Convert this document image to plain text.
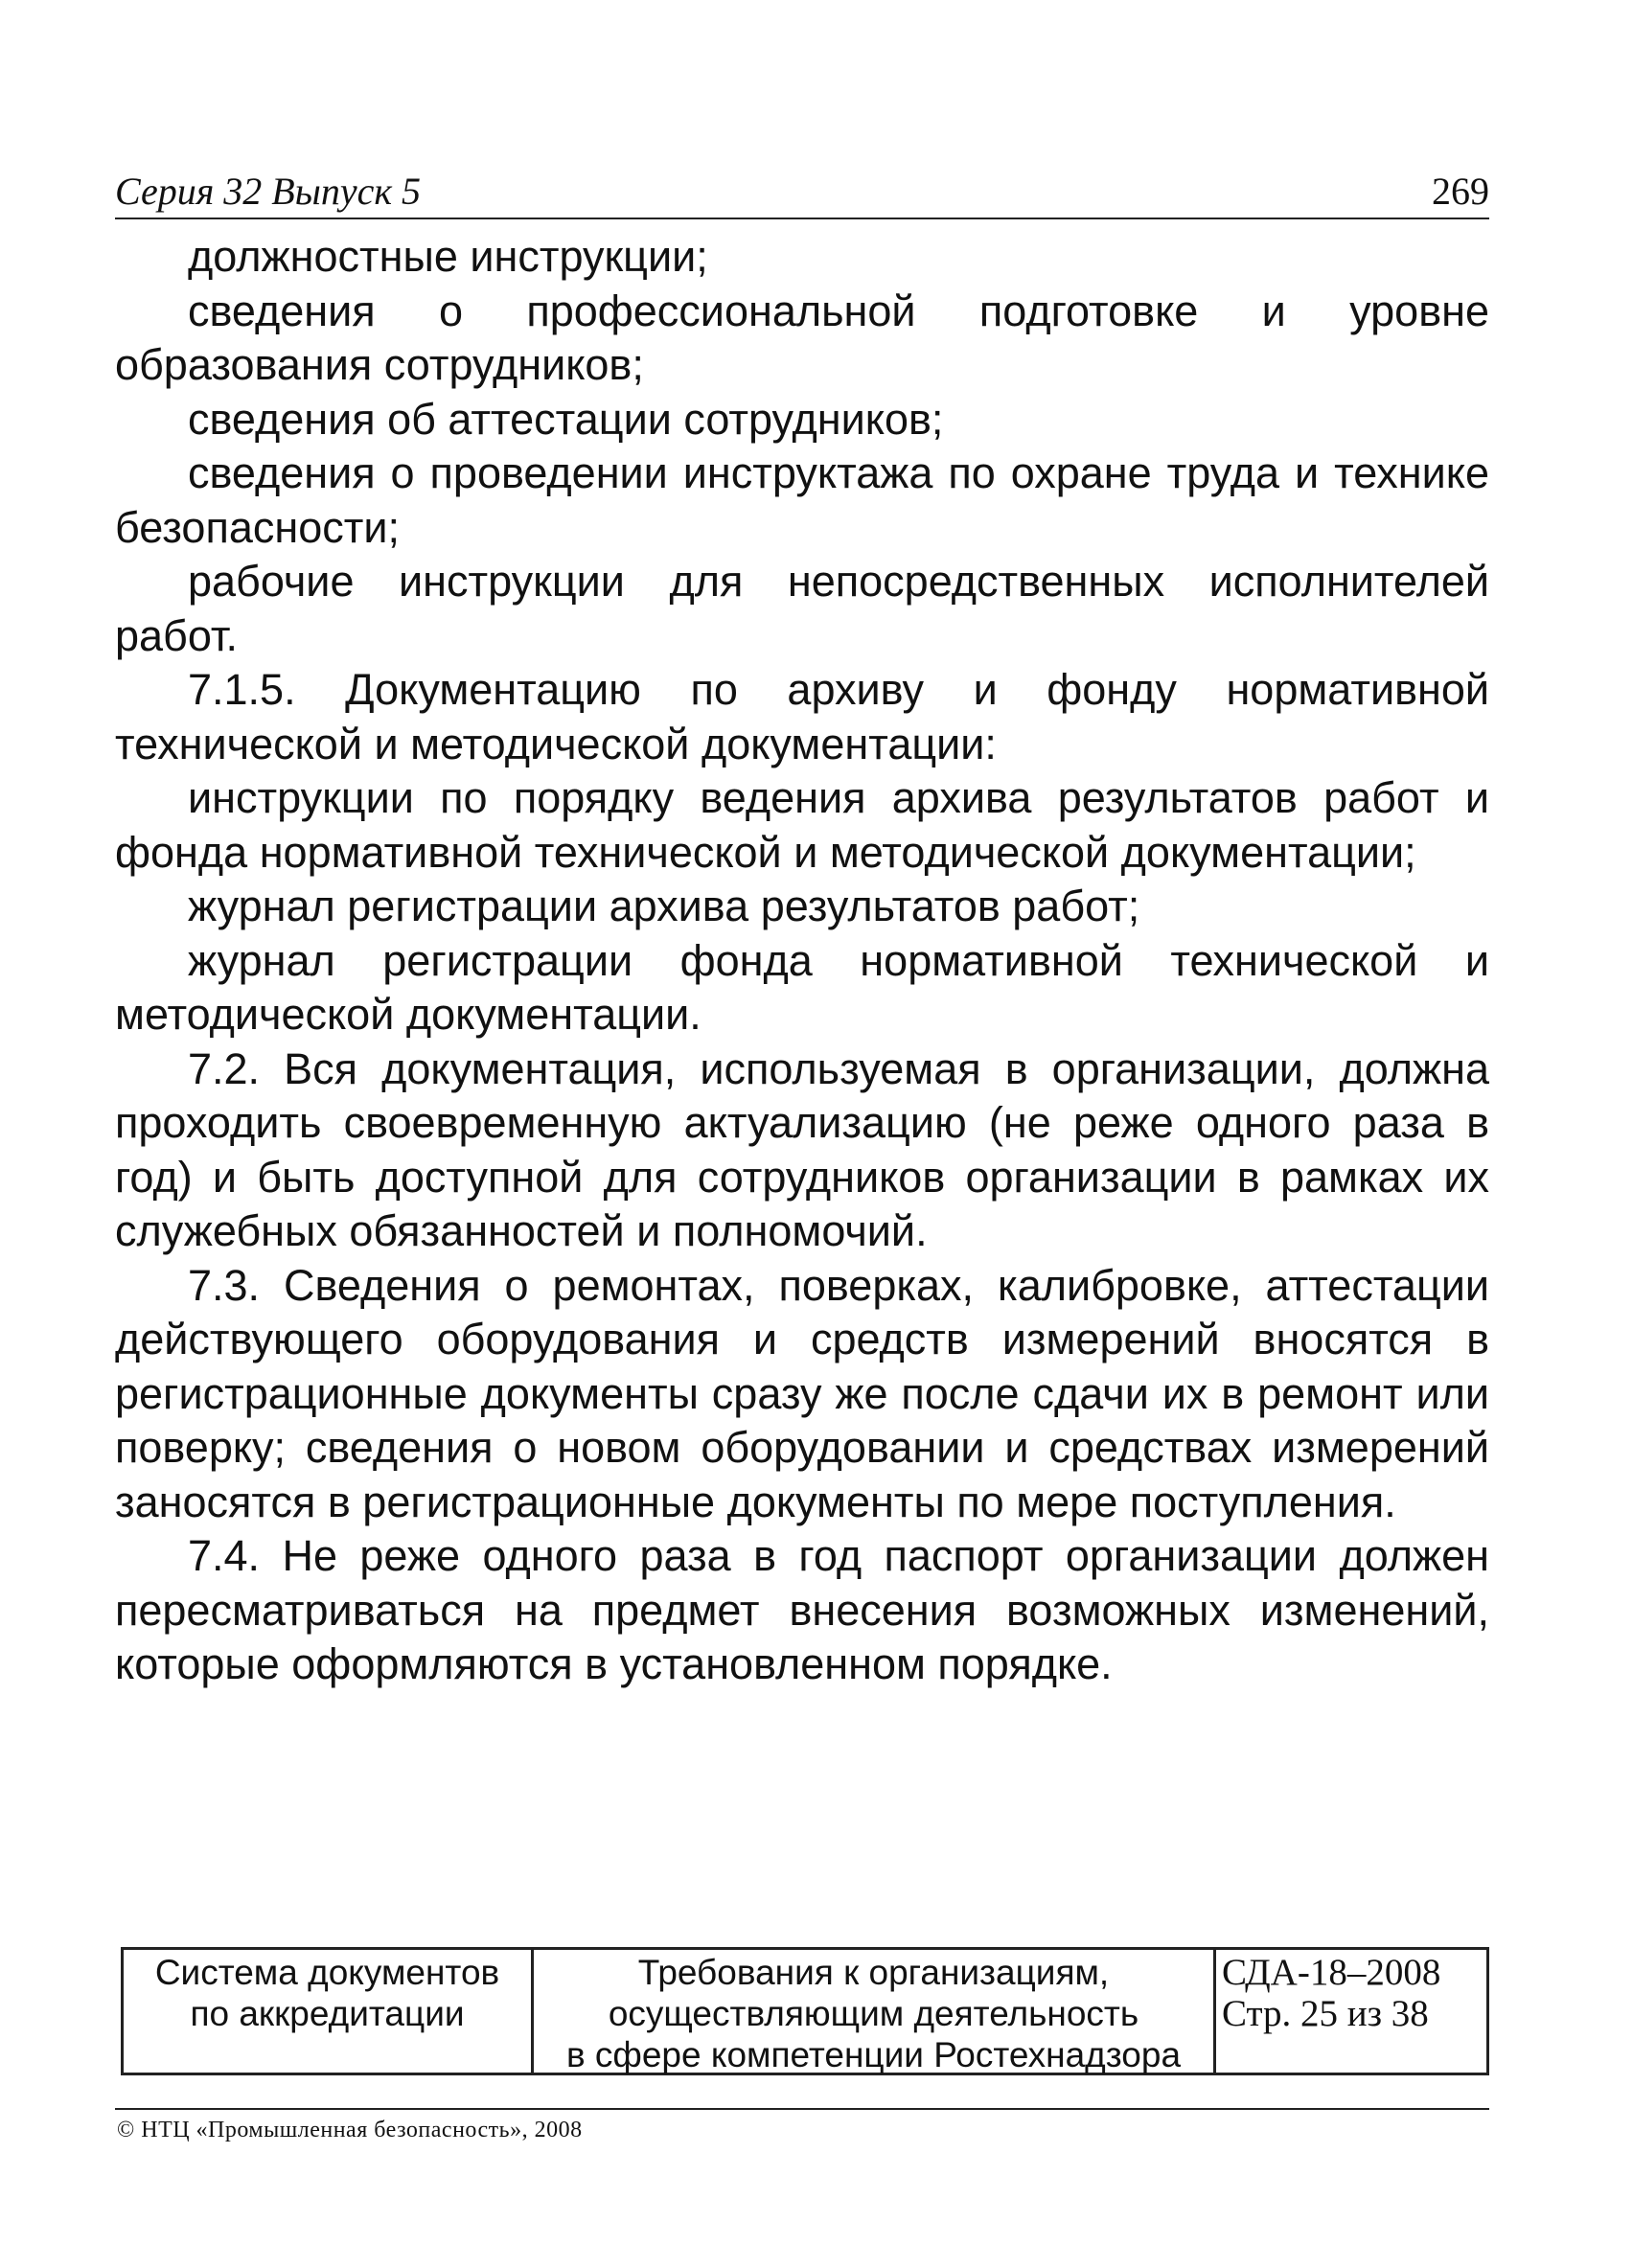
Серия 32 Выпуск 5	269

должностные инструкции;

сведения о профессиональной подготовке и уровне образования сотрудников;

сведения об аттестации сотрудников;

сведения о проведении инструктажа по охране труда и технике безопасности;

рабочие инструкции для непосредственных исполнителей работ.

7.1.5. Документацию по архиву и фонду нормативной технической и методической документации:

инструкции по порядку ведения архива результатов работ и фонда нормативной технической и методической документации;

журнал регистрации архива результатов работ;

журнал регистрации фонда нормативной технической и методической документации.

7.2. Вся документация, используемая в организации, должна проходить своевременную актуализацию (не реже одного раза в год) и быть доступной для сотрудников организации в рамках их служебных обязанностей и полномочий.

7.3. Сведения о ремонтах, поверках, калибровке, аттестации действующего оборудования и средств измерений вносятся в регистрационные документы сразу же после сдачи их в ремонт или поверку; сведения о новом оборудовании и средствах измерений заносятся в регистрационные документы по мере поступления.

7.4. Не реже одного раза в год паспорт организации должен пересматриваться на предмет внесения возможных изменений, которые оформляются в установленном порядке.

Система документов
по аккредитации
Требования к организациям,
осуществляющим деятельность
в сфере компетенции Ростехнадзора
СДА-18–2008
Стр. 25 из 38
© НТЦ «Промышленная безопасность», 2008
